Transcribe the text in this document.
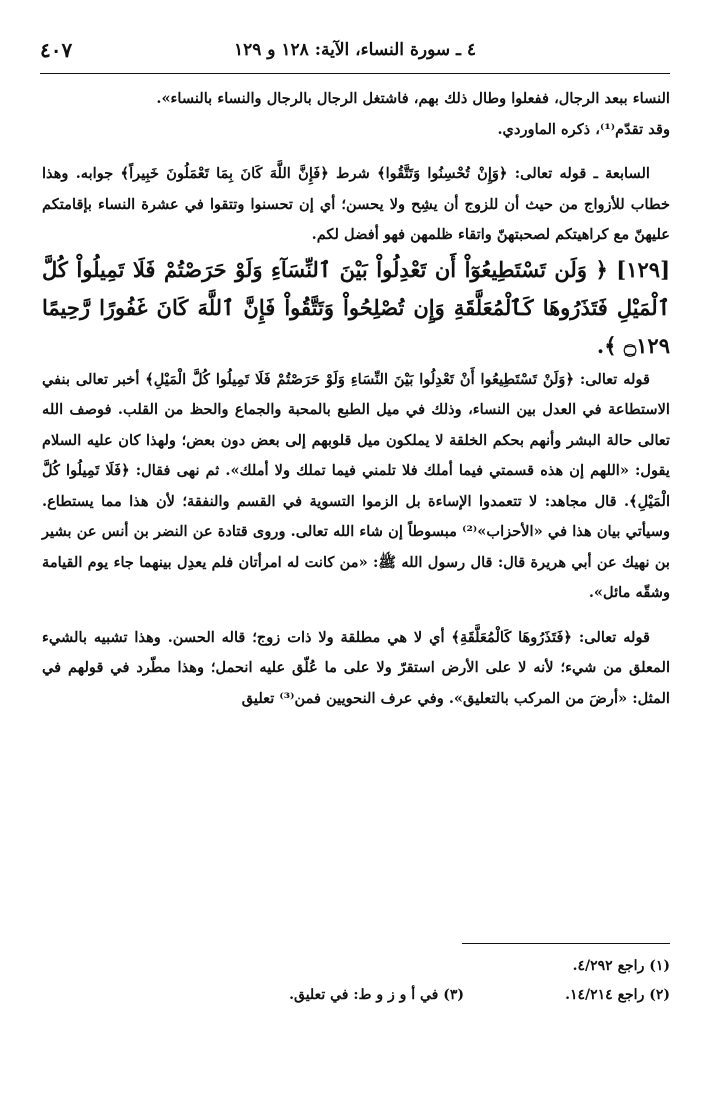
٤ ـ سورة النساء، الآية: ١٢٨ و ١٢٩
٤٠٧

النساء ببعد الرجال، ففعلوا وطال ذلك بهم، فاشتغل الرجال بالرجال والنساء بالنساء».

وقد تقدّم⁽¹⁾، ذكره الماوردي.

السابعة ـ قوله تعالى: ﴿وَإِنْ تُحْسِنُوا وَتَتَّقُوا﴾ شرط ﴿فَإِنَّ اللَّهَ كَانَ بِمَا تَعْمَلُونَ خَبِيراً﴾ جوابه. وهذا خطاب للأزواج من حيث أن للزوج أن يشِح ولا يحسن؛ أي إن تحسنوا وتتقوا في عشرة النساء بإقامتكم عليهنّ مع كراهيتكم لصحبتهنّ واتقاء ظلمهن فهو أفضل لكم.

[١٢٩] ﴿ وَلَن تَسْتَطِيعُوٓاْ أَن تَعْدِلُواْ بَيْنَ ٱلنِّسَآءِ وَلَوْ حَرَصْتُمْ فَلَا تَمِيلُواْ كُلَّ ٱلْمَيْلِ فَتَذَرُوهَا كَٱلْمُعَلَّقَةِ وَإِن تُصْلِحُواْ وَتَتَّقُواْ فَإِنَّ ٱللَّهَ كَانَ غَفُورًا رَّحِيمًا ۝١٢٩ ﴾.

قوله تعالى: ﴿وَلَنْ تَسْتَطِيعُوا أَنْ تَعْدِلُوا بَيْنَ النِّسَاءِ وَلَوْ حَرَصْتُمْ فَلَا تَمِيلُوا كُلَّ الْمَيْلِ﴾ أخبر تعالى بنفي الاستطاعة في العدل بين النساء، وذلك في ميل الطبع بالمحبة والجماع والحظ من القلب. فوصف الله تعالى حالة البشر وأنهم بحكم الخلقة لا يملكون ميل قلوبهم إلى بعض دون بعض؛ ولهذا كان عليه السلام يقول: «اللهم إن هذه قسمتي فيما أملك فلا تلمني فيما تملك ولا أملك». ثم نهى فقال: ﴿فَلَا تَمِيلُوا كُلَّ الْمَيْلِ﴾. قال مجاهد: لا تتعمدوا الإساءة بل الزموا التسوية في القسم والنفقة؛ لأن هذا مما يستطاع. وسيأتي بيان هذا في «الأحزاب»⁽²⁾ مبسوطاً إن شاء الله تعالى. وروى قتادة عن النضر بن أنس عن بشير بن نهيك عن أبي هريرة قال: قال رسول الله ﷺ: «من كانت له امرأتان فلم يعدِل بينهما جاء يوم القيامة وشقّه مائل».

قوله تعالى: ﴿فَتَذَرُوهَا كَالْمُعَلَّقَةِ﴾ أي لا هي مطلقة ولا ذات زوج؛ قاله الحسن. وهذا تشبيه بالشيء المعلق من شيء؛ لأنه لا على الأرض استقرّ ولا على ما عُلّق عليه انحمل؛ وهذا مطّرد في قولهم في المثل: «أرضَ من المركب بالتعليق». وفي عرف النحويين فمن⁽³⁾ تعليق

(١) راجع ٤/٢٩٢.
(٢) راجع ١٤/٢١٤.
(٣) في أ و ز و ط: في تعليق.
